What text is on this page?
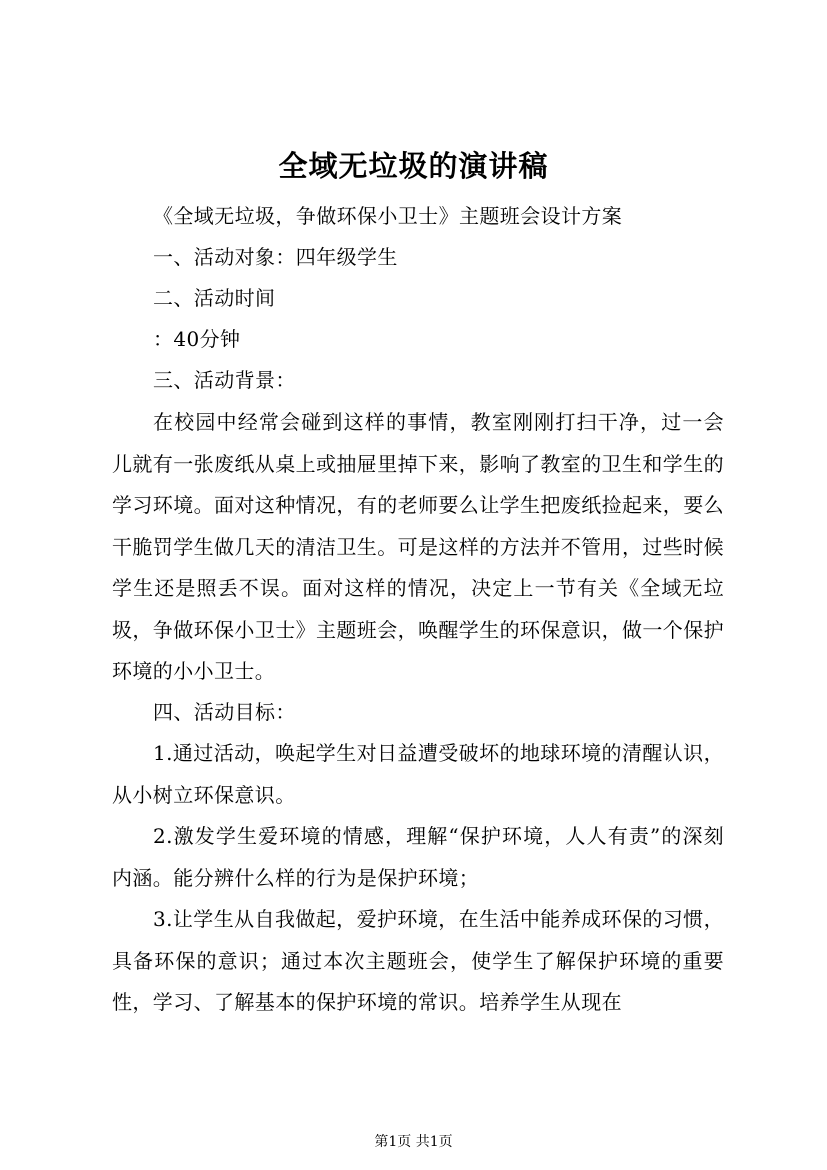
全域无垃圾的演讲稿
《全域无垃圾，争做环保小卫士》主题班会设计方案
一、活动对象：四年级学生
二、活动时间
：40分钟
三、活动背景：
在校园中经常会碰到这样的事情，教室刚刚打扫干净，过一会儿就有一张废纸从桌上或抽屉里掉下来，影响了教室的卫生和学生的学习环境。面对这种情况，有的老师要么让学生把废纸捡起来，要么干脆罚学生做几天的清洁卫生。可是这样的方法并不管用，过些时候学生还是照丢不误。面对这样的情况，决定上一节有关《全域无垃圾，争做环保小卫士》主题班会，唤醒学生的环保意识，做一个保护环境的小小卫士。
四、活动目标：
1.通过活动，唤起学生对日益遭受破坏的地球环境的清醒认识，从小树立环保意识。
2.激发学生爱环境的情感，理解“保护环境，人人有责”的深刻内涵。能分辨什么样的行为是保护环境；
3.让学生从自我做起，爱护环境，在生活中能养成环保的习惯，具备环保的意识；通过本次主题班会，使学生了解保护环境的重要性，学习、了解基本的保护环境的常识。培养学生从现在
第1页 共1页
